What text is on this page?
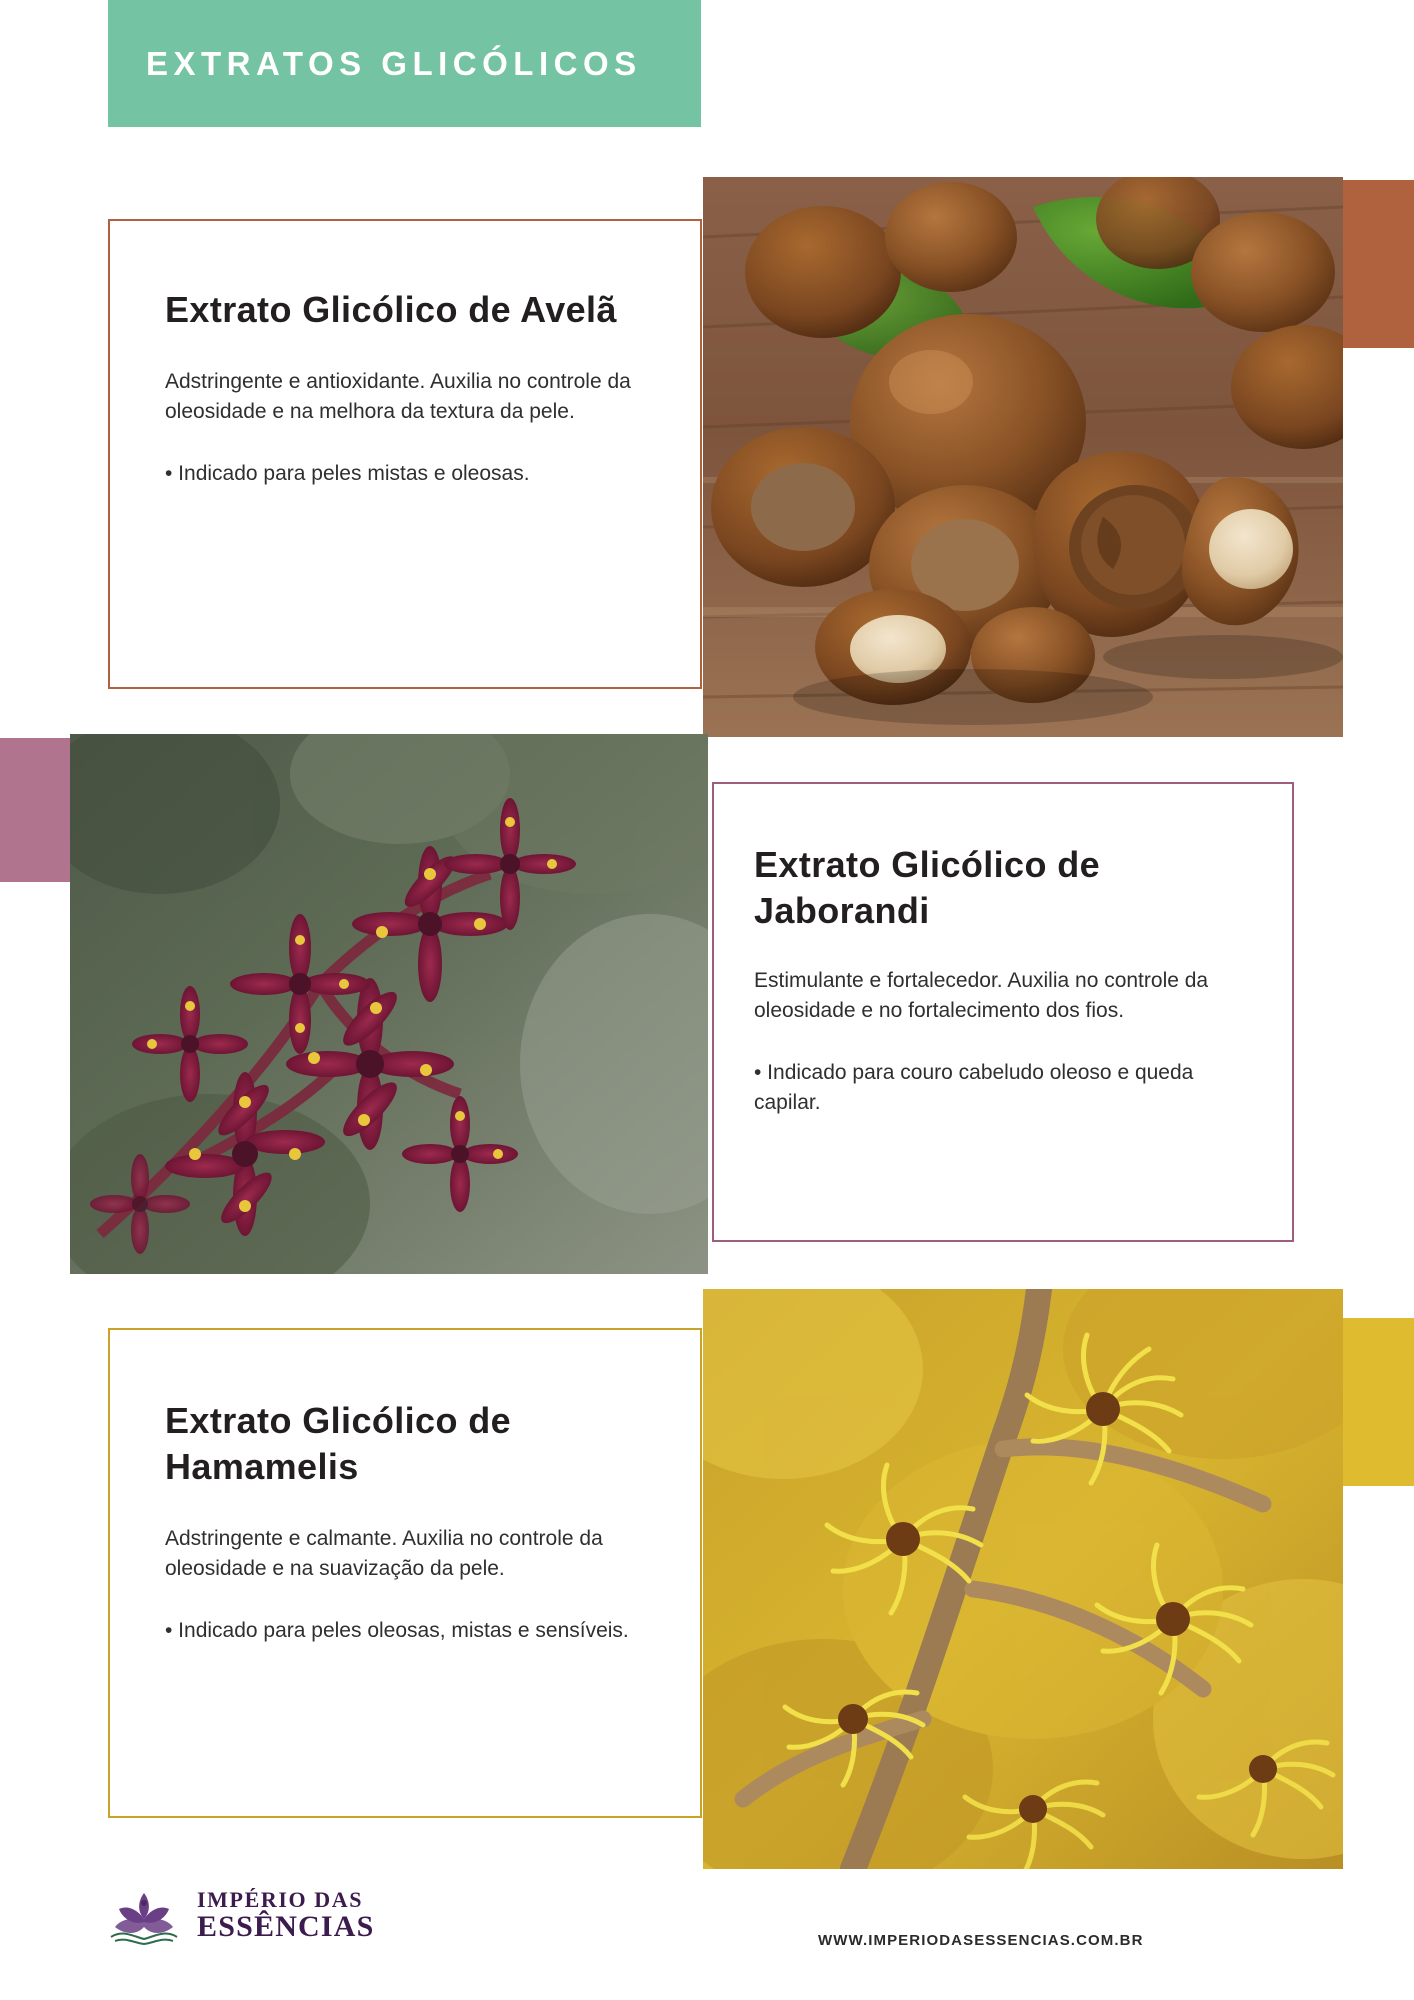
EXTRATOS GLICÓLICOS
Extrato Glicólico de Avelã

Adstringente e antioxidante. Auxilia no controle da oleosidade e na melhora da textura da pele.

• Indicado para peles mistas e oleosas.

Extrato Glicólico de Jaborandi

Estimulante e fortalecedor. Auxilia no controle da oleosidade e no fortalecimento dos fios.

• Indicado para couro cabeludo oleoso e queda capilar.

Extrato Glicólico de Hamamelis

Adstringente e calmante. Auxilia no controle da oleosidade e na suavização da pele.

• Indicado para peles oleosas, mistas e sensíveis.

IMPÉRIO DAS
ESSÊNCIAS	WWW.IMPERIODASESSENCIAS.COM.BR
